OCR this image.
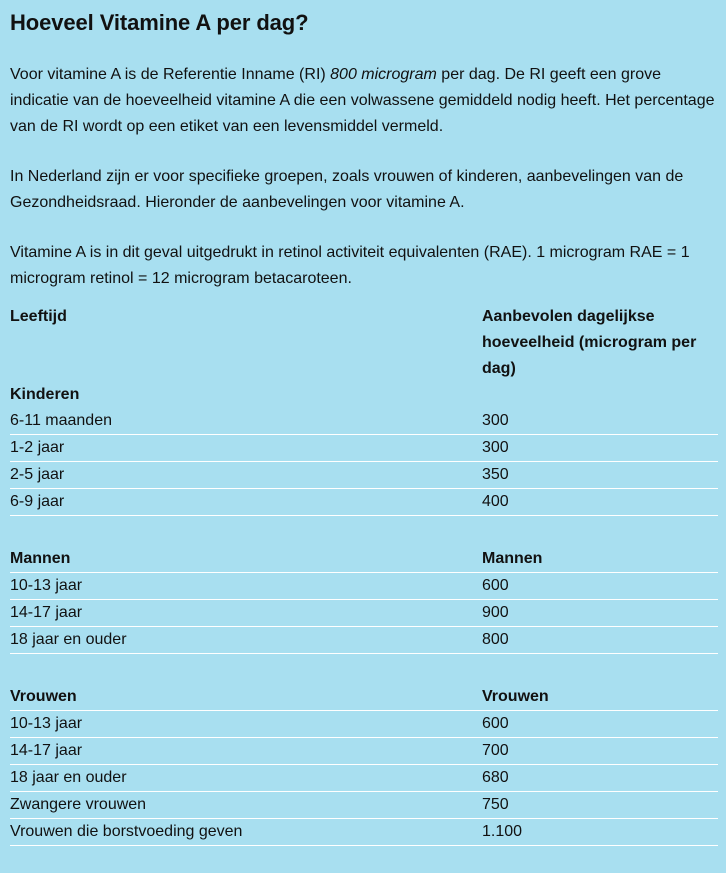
Hoeveel Vitamine A per dag?

Voor vitamine A is de Referentie Inname (RI) 800 microgram per dag. De RI geeft een grove indicatie van de hoeveelheid vitamine A die een volwassene gemiddeld nodig heeft. Het percentage van de RI wordt op een etiket van een levensmiddel vermeld.

In Nederland zijn er voor specifieke groepen, zoals vrouwen of kinderen, aanbevelingen van de Gezondheidsraad. Hieronder de aanbevelingen voor vitamine A.

Vitamine A is in dit geval uitgedrukt in retinol activiteit equivalenten (RAE). 1 microgram RAE = 1 microgram retinol = 12 microgram betacaroteen.

Leeftijd	Aanbevolen dagelijkse hoeveelheid (microgram per dag)
Kinderen	
6-11 maanden	300
1-2 jaar	300
2-5 jaar	350
6-9 jaar	400

Mannen	Mannen
10-13 jaar	600
14-17 jaar	900
18 jaar en ouder	800

Vrouwen	Vrouwen
10-13 jaar	600
14-17 jaar	700
18 jaar en ouder	680
Zwangere vrouwen	750
Vrouwen die borstvoeding geven	1.100
